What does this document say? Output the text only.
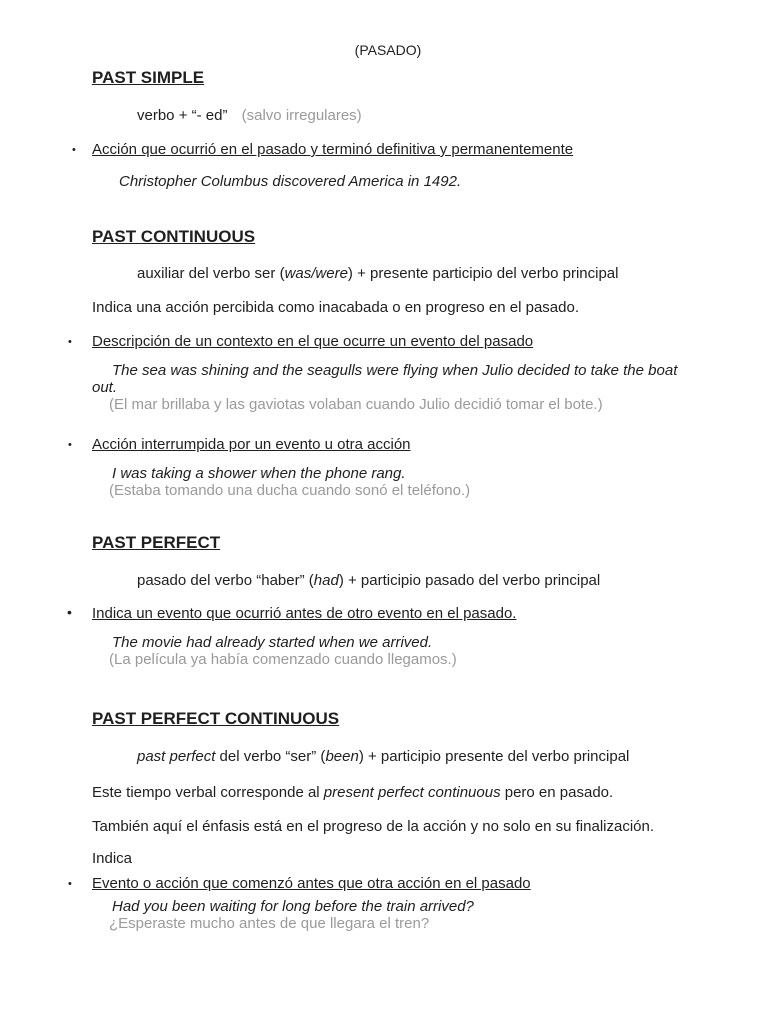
(PASADO)
PAST SIMPLE
verbo + “- ed” (salvo irregulares)
• Acción que ocurrió en el pasado y terminó definitiva y permanentemente
Christopher Columbus discovered America in 1492.
PAST CONTINUOUS
auxiliar del verbo ser (was/were) + presente participio del verbo principal
Indica una acción percibida como inacabada o en progreso en el pasado.
• Descripción de un contexto en el que ocurre un evento del pasado
The sea was shining and the seagulls were flying when Julio decided to take the boat out.
(El mar brillaba y las gaviotas volaban cuando Julio decidió tomar el bote.)
• Acción interrumpida por un evento u otra acción
I was taking a shower when the phone rang.
(Estaba tomando una ducha cuando sonó el teléfono.)
PAST PERFECT
pasado del verbo “haber” (had) + participio pasado del verbo principal
• Indica un evento que ocurrió antes de otro evento en el pasado.
The movie had already started when we arrived.
(La película ya había comenzado cuando llegamos.)
PAST PERFECT CONTINUOUS
past perfect del verbo “ser” (been) + participio presente del verbo principal
Este tiempo verbal corresponde al present perfect continuous pero en pasado.
También aquí el énfasis está en el progreso de la acción y no solo en su finalización.
Indica
• Evento o acción que comenzó antes que otra acción en el pasado
Had you been waiting for long before the train arrived?
¿Esperaste mucho antes de que llegara el tren?
